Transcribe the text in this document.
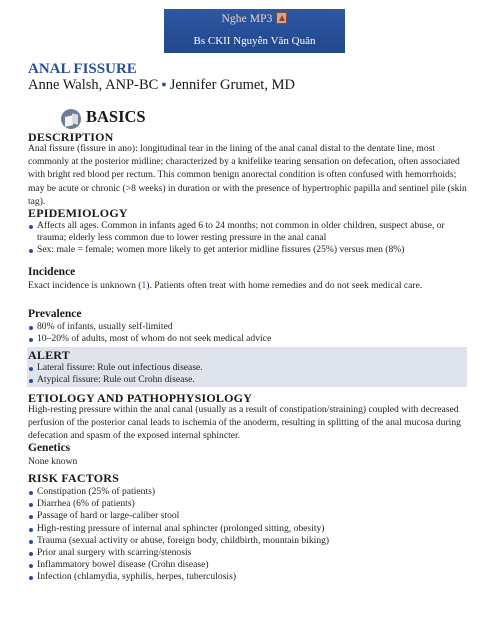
Nghe MP3
Bs CKII Nguyễn Văn Quân
ANAL FISSURE

Anne Walsh, ANP-BC ● Jennifer Grumet, MD

BASICS
DESCRIPTION

Anal fissure (fissure in ano): longitudinal tear in the lining of the anal canal distal to the dentate line, most commonly at the posterior midline; characterized by a knifelike tearing sensation on defecation, often associated with bright red blood per rectum. This common benign anorectal condition is often confused with hemorrhoids; may be acute or chronic (>8 weeks) in duration or with the presence of hypertrophic papilla and sentinel pile (skin tag).

EPIDEMIOLOGY
Affects all ages. Common in infants aged 6 to 24 months; not common in older children, suspect abuse, or trauma; elderly less common due to lower resting pressure in the anal canal
Sex: male = female; women more likely to get anterior midline fissures (25%) versus men (8%)
Incidence

Exact incidence is unknown (1). Patients often treat with home remedies and do not seek medical care.

Prevalence
80% of infants, usually self-limited
10–20% of adults, most of whom do not seek medical advice
ALERT
Lateral fissure: Rule out infectious disease.
Atypical fissure: Rule out Crohn disease.
ETIOLOGY AND PATHOPHYSIOLOGY

High-resting pressure within the anal canal (usually as a result of constipation/straining) coupled with decreased perfusion of the posterior canal leads to ischemia of the anoderm, resulting in splitting of the anal mucosa during defecation and spasm of the exposed internal sphincter.

Genetics

None known

RISK FACTORS
Constipation (25% of patients)
Diarrhea (6% of patients)
Passage of hard or large-caliber stool
High-resting pressure of internal anal sphincter (prolonged sitting, obesity)
Trauma (sexual activity or abuse, foreign body, childbirth, mountain biking)
Prior anal surgery with scarring/stenosis
Inflammatory bowel disease (Crohn disease)
Infection (chlamydia, syphilis, herpes, tuberculosis)
